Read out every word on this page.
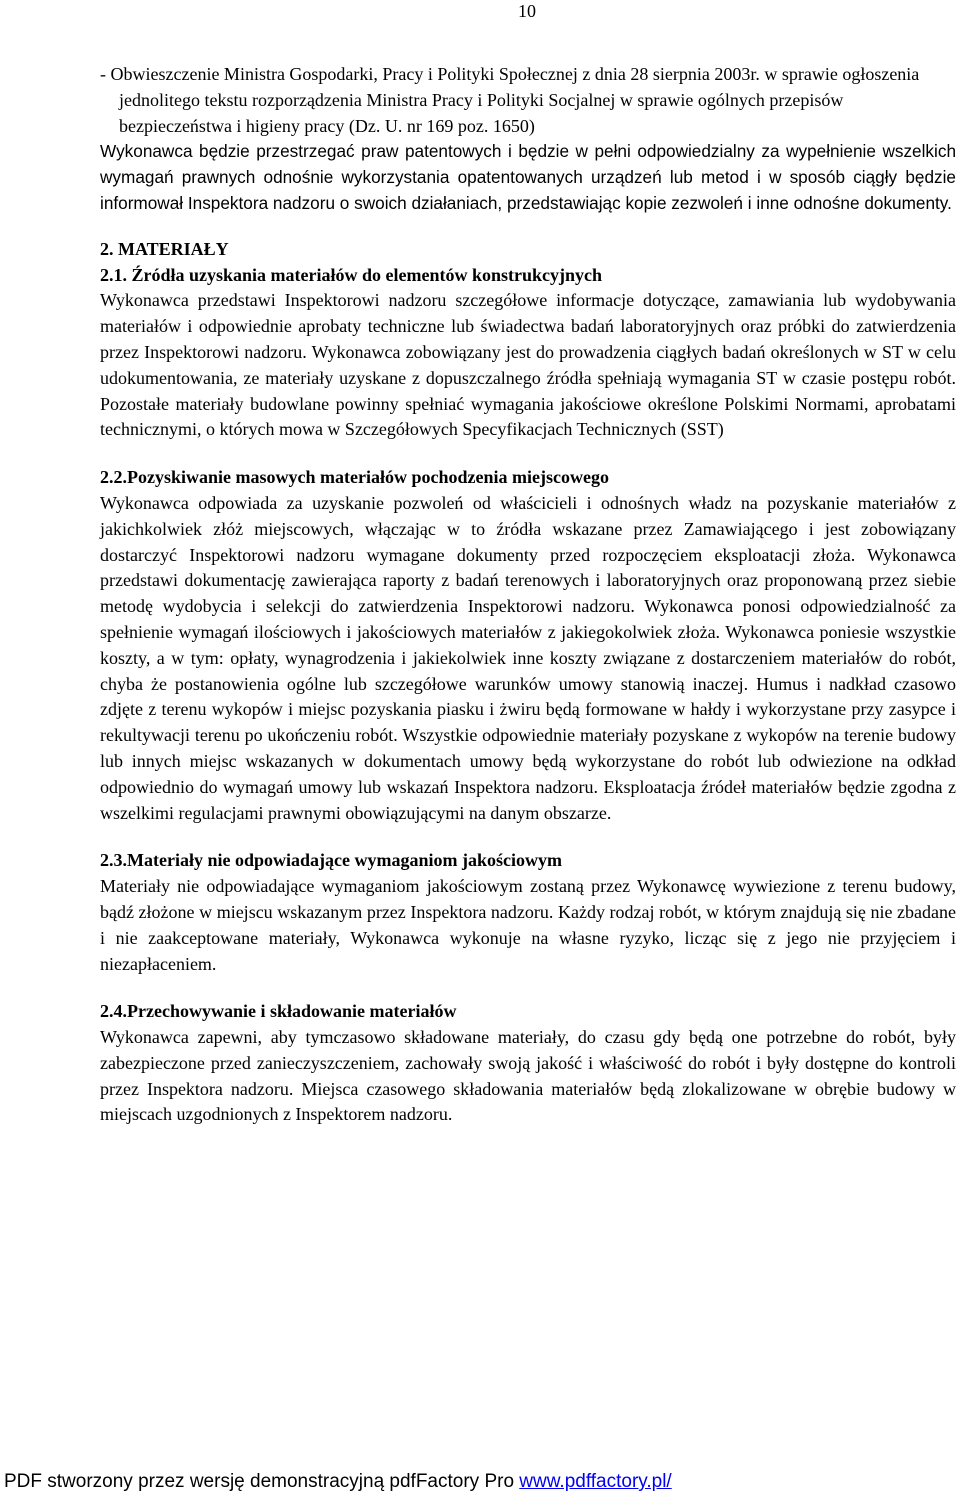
10

- Obwieszczenie Ministra Gospodarki, Pracy i Polityki Społecznej z dnia 28 sierpnia 2003r. w sprawie ogłoszenia jednolitego tekstu rozporządzenia Ministra Pracy i Polityki Socjalnej w sprawie ogólnych przepisów bezpieczeństwa i higieny pracy (Dz. U. nr 169 poz. 1650)

Wykonawca będzie przestrzegać praw patentowych i będzie w pełni odpowiedzialny za wypełnienie wszelkich wymagań prawnych odnośnie wykorzystania opatentowanych urządzeń lub metod i w sposób ciągły będzie informował Inspektora nadzoru o swoich działaniach, przedstawiając kopie zezwoleń i inne odnośne dokumenty.

2. MATERIAŁY
2.1. Źródła uzyskania materiałów do elementów konstrukcyjnych

Wykonawca przedstawi Inspektorowi nadzoru szczegółowe informacje dotyczące, zamawiania lub wydobywania materiałów i odpowiednie aprobaty techniczne lub świadectwa badań laboratoryjnych oraz próbki do zatwierdzenia przez Inspektorowi nadzoru. Wykonawca zobowiązany jest do prowadzenia ciągłych badań określonych w ST w celu udokumentowania, ze materiały uzyskane z dopuszczalnego źródła spełniają wymagania ST w czasie postępu robót. Pozostałe materiały budowlane powinny spełniać wymagania jakościowe określone Polskimi Normami, aprobatami technicznymi, o których mowa w Szczegółowych Specyfikacjach Technicznych (SST)

2.2.Pozyskiwanie masowych materiałów pochodzenia miejscowego

Wykonawca odpowiada za uzyskanie pozwoleń od właścicieli i odnośnych władz na pozyskanie materiałów z jakichkolwiek złóż miejscowych, włączając w to źródła wskazane przez Zamawiającego i jest zobowiązany dostarczyć Inspektorowi nadzoru wymagane dokumenty przed rozpoczęciem eksploatacji złoża. Wykonawca przedstawi dokumentację zawierająca raporty z badań terenowych i laboratoryjnych oraz proponowaną przez siebie metodę wydobycia i selekcji do zatwierdzenia Inspektorowi nadzoru. Wykonawca ponosi odpowiedzialność za spełnienie wymagań ilościowych i jakościowych materiałów z jakiegokolwiek złoża. Wykonawca poniesie wszystkie koszty, a w tym: opłaty, wynagrodzenia i jakiekolwiek inne koszty związane z dostarczeniem materiałów do robót, chyba że postanowienia ogólne lub szczegółowe warunków umowy stanowią inaczej. Humus i nadkład czasowo zdjęte z terenu wykopów i miejsc pozyskania piasku i żwiru będą formowane w hałdy i wykorzystane przy zasypce i rekultywacji terenu po ukończeniu robót. Wszystkie odpowiednie materiały pozyskane z wykopów na terenie budowy lub innych miejsc wskazanych w dokumentach umowy będą wykorzystane do robót lub odwiezione na odkład odpowiednio do wymagań umowy lub wskazań Inspektora nadzoru. Eksploatacja źródeł materiałów będzie zgodna z wszelkimi regulacjami prawnymi obowiązującymi na danym obszarze.

2.3.Materiały nie odpowiadające wymaganiom jakościowym

Materiały nie odpowiadające wymaganiom jakościowym zostaną przez Wykonawcę wywiezione z terenu budowy, bądź złożone w miejscu wskazanym przez Inspektora nadzoru. Każdy rodzaj robót, w którym znajdują się nie zbadane i nie zaakceptowane materiały, Wykonawca wykonuje na własne ryzyko, licząc się z jego nie przyjęciem i niezapłaceniem.

2.4.Przechowywanie i składowanie materiałów

Wykonawca zapewni, aby tymczasowo składowane materiały, do czasu gdy będą one potrzebne do robót, były zabezpieczone przed zanieczyszczeniem, zachowały swoją jakość i właściwość do robót i były dostępne do kontroli przez Inspektora nadzoru. Miejsca czasowego składowania materiałów będą zlokalizowane w obrębie budowy w miejscach uzgodnionych z Inspektorem nadzoru.

PDF stworzony przez wersję demonstracyjną pdfFactory Pro www.pdffactory.pl/
